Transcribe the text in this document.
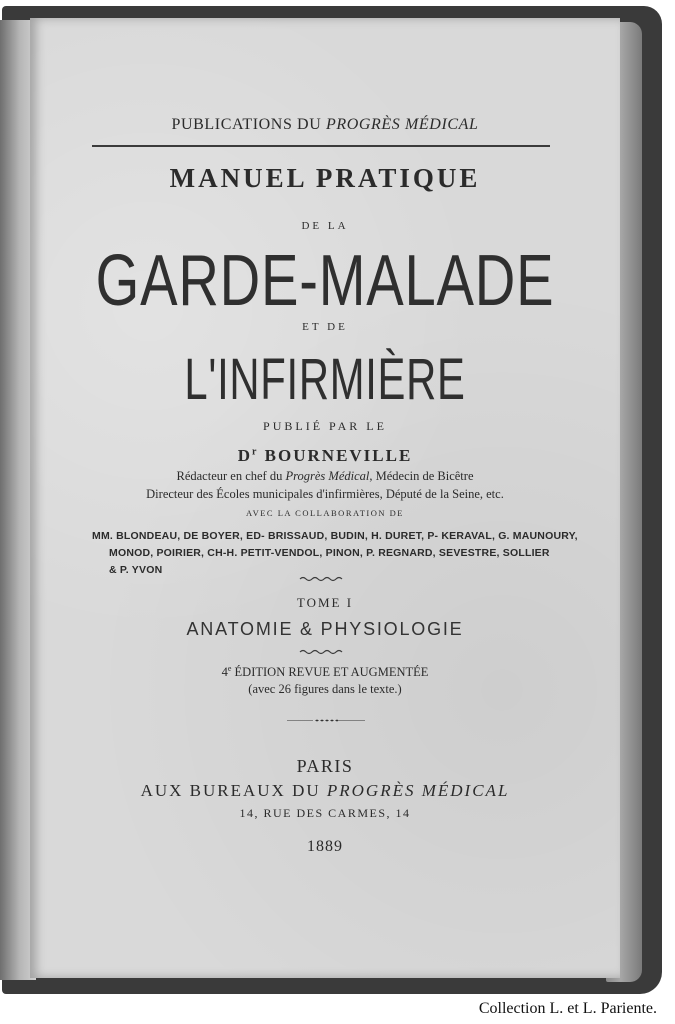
PUBLICATIONS DU PROGRÈS MÉDICAL
MANUEL PRATIQUE
DE LA
GARDE-MALADE
ET DE
L'INFIRMIÈRE
PUBLIÉ PAR LE
$D^r$ BOURNEVILLE
Rédacteur en chef du Progrès Médical, Médecin de Bicêtre
Directeur des Écoles municipales d'infirmières, Député de la Seine, etc.
AVEC LA COLLABORATION DE
MM. BLONDEAU, DE BOYER, ED- BRISSAUD, BUDIN, H. DURET, P- KERAVAL, G. MAUNOURY,
MONOD, POIRIER, CH-H. PETIT-VENDOL, PINON, P. REGNARD, SEVESTRE, SOLLIER
& P. YVON
TOME I
ANATOMIE & PHYSIOLOGIE
4e ÉDITION REVUE ET AUGMENTÉE
(avec 26 figures dans le texte.)
PARIS
AUX BUREAUX DU PROGRÈS MÉDICAL
14, RUE DES CARMES, 14
1889
Collection L. et L. Pariente.
